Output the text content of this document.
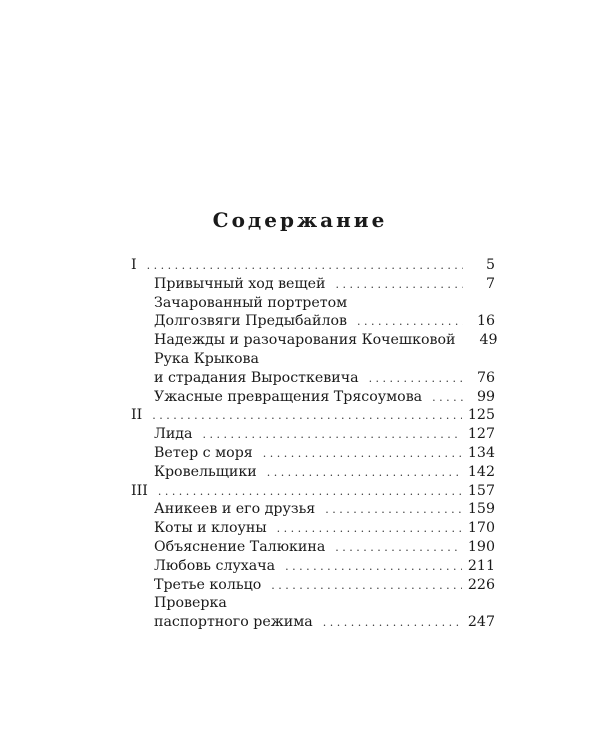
Содержание
I . . .	5
Привычный ход вещей . . .	7
Зачарованный портретом
Долгозвяги Предыбайлов . . .	16
Надежды и разочарования Кочешковой	49
Рука Крыкова
и страдания Выросткевича . . .	76
Ужасные превращения Трясоумова . . .	99
II . . .	125
Лида . . .	127
Ветер с моря . . .	134
Кровельщики . . .	142
III . . .	157
Аникеев и его друзья . . .	159
Коты и клоуны . . .	170
Объяснение Талюкина . . .	190
Любовь слухача . . .	211
Третье кольцо . . .	226
Проверка
паспортного режима . . .	247
